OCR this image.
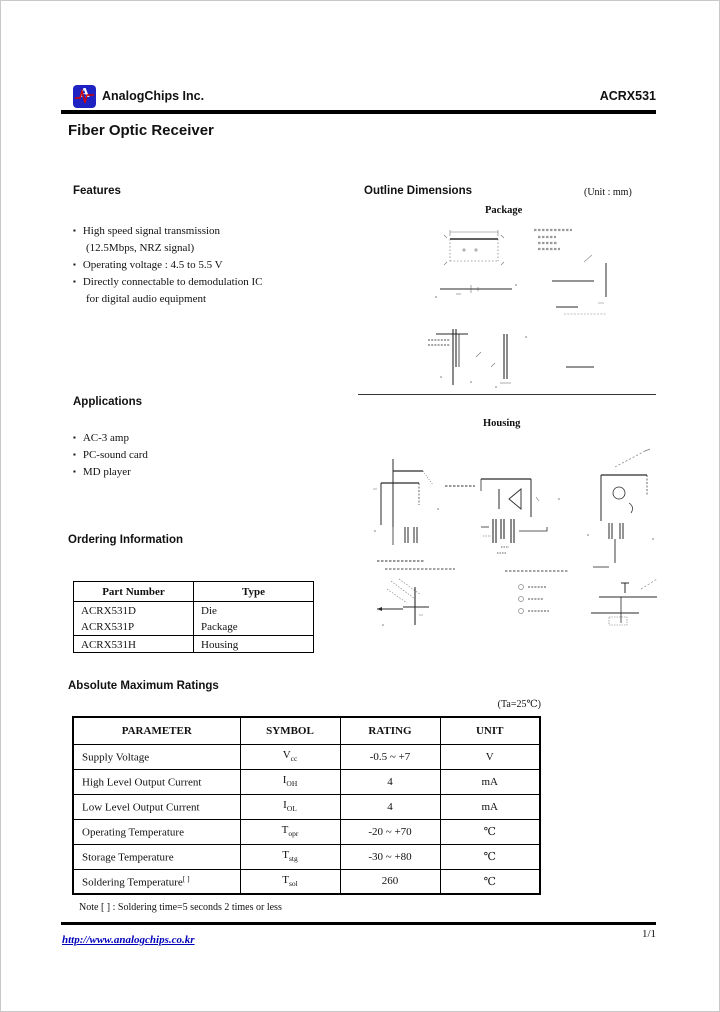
A AnalogChips Inc.	ACRX531
Fiber Optic Receiver
Features
▪ High speed signal transmission
(12.5Mbps, NRZ signal)
▪ Operating voltage : 4.5 to 5.5 V
▪ Directly connectable to demodulation IC
for digital audio equipment
Outline Dimensions	(Unit : mm)
Package
Applications
▪ AC-3 amp
▪ PC-sound card
▪ MD player
Housing
Ordering Information
Part Number	Type
ACRX531D	Die
ACRX531P	Package
ACRX531H	Housing
Absolute Maximum Ratings
(Ta=25℃)
PARAMETER	SYMBOL	RATING	UNIT
Supply Voltage	$V_{cc}$	-0.5 ~ +7	V
High Level Output Current	$I_{OH}$	4	mA
Low Level Output Current	$I_{OL}$	4	mA
Operating Temperature	$T_{opr}$	-20 ~ +70	℃
Storage Temperature	$T_{stg}$	-30 ~ +80	℃
Soldering Temperature[ ]	$T_{sol}$	260	℃
Note [ ] : Soldering time=5 seconds 2 times or less
http://www.analogchips.co.kr	1/1
